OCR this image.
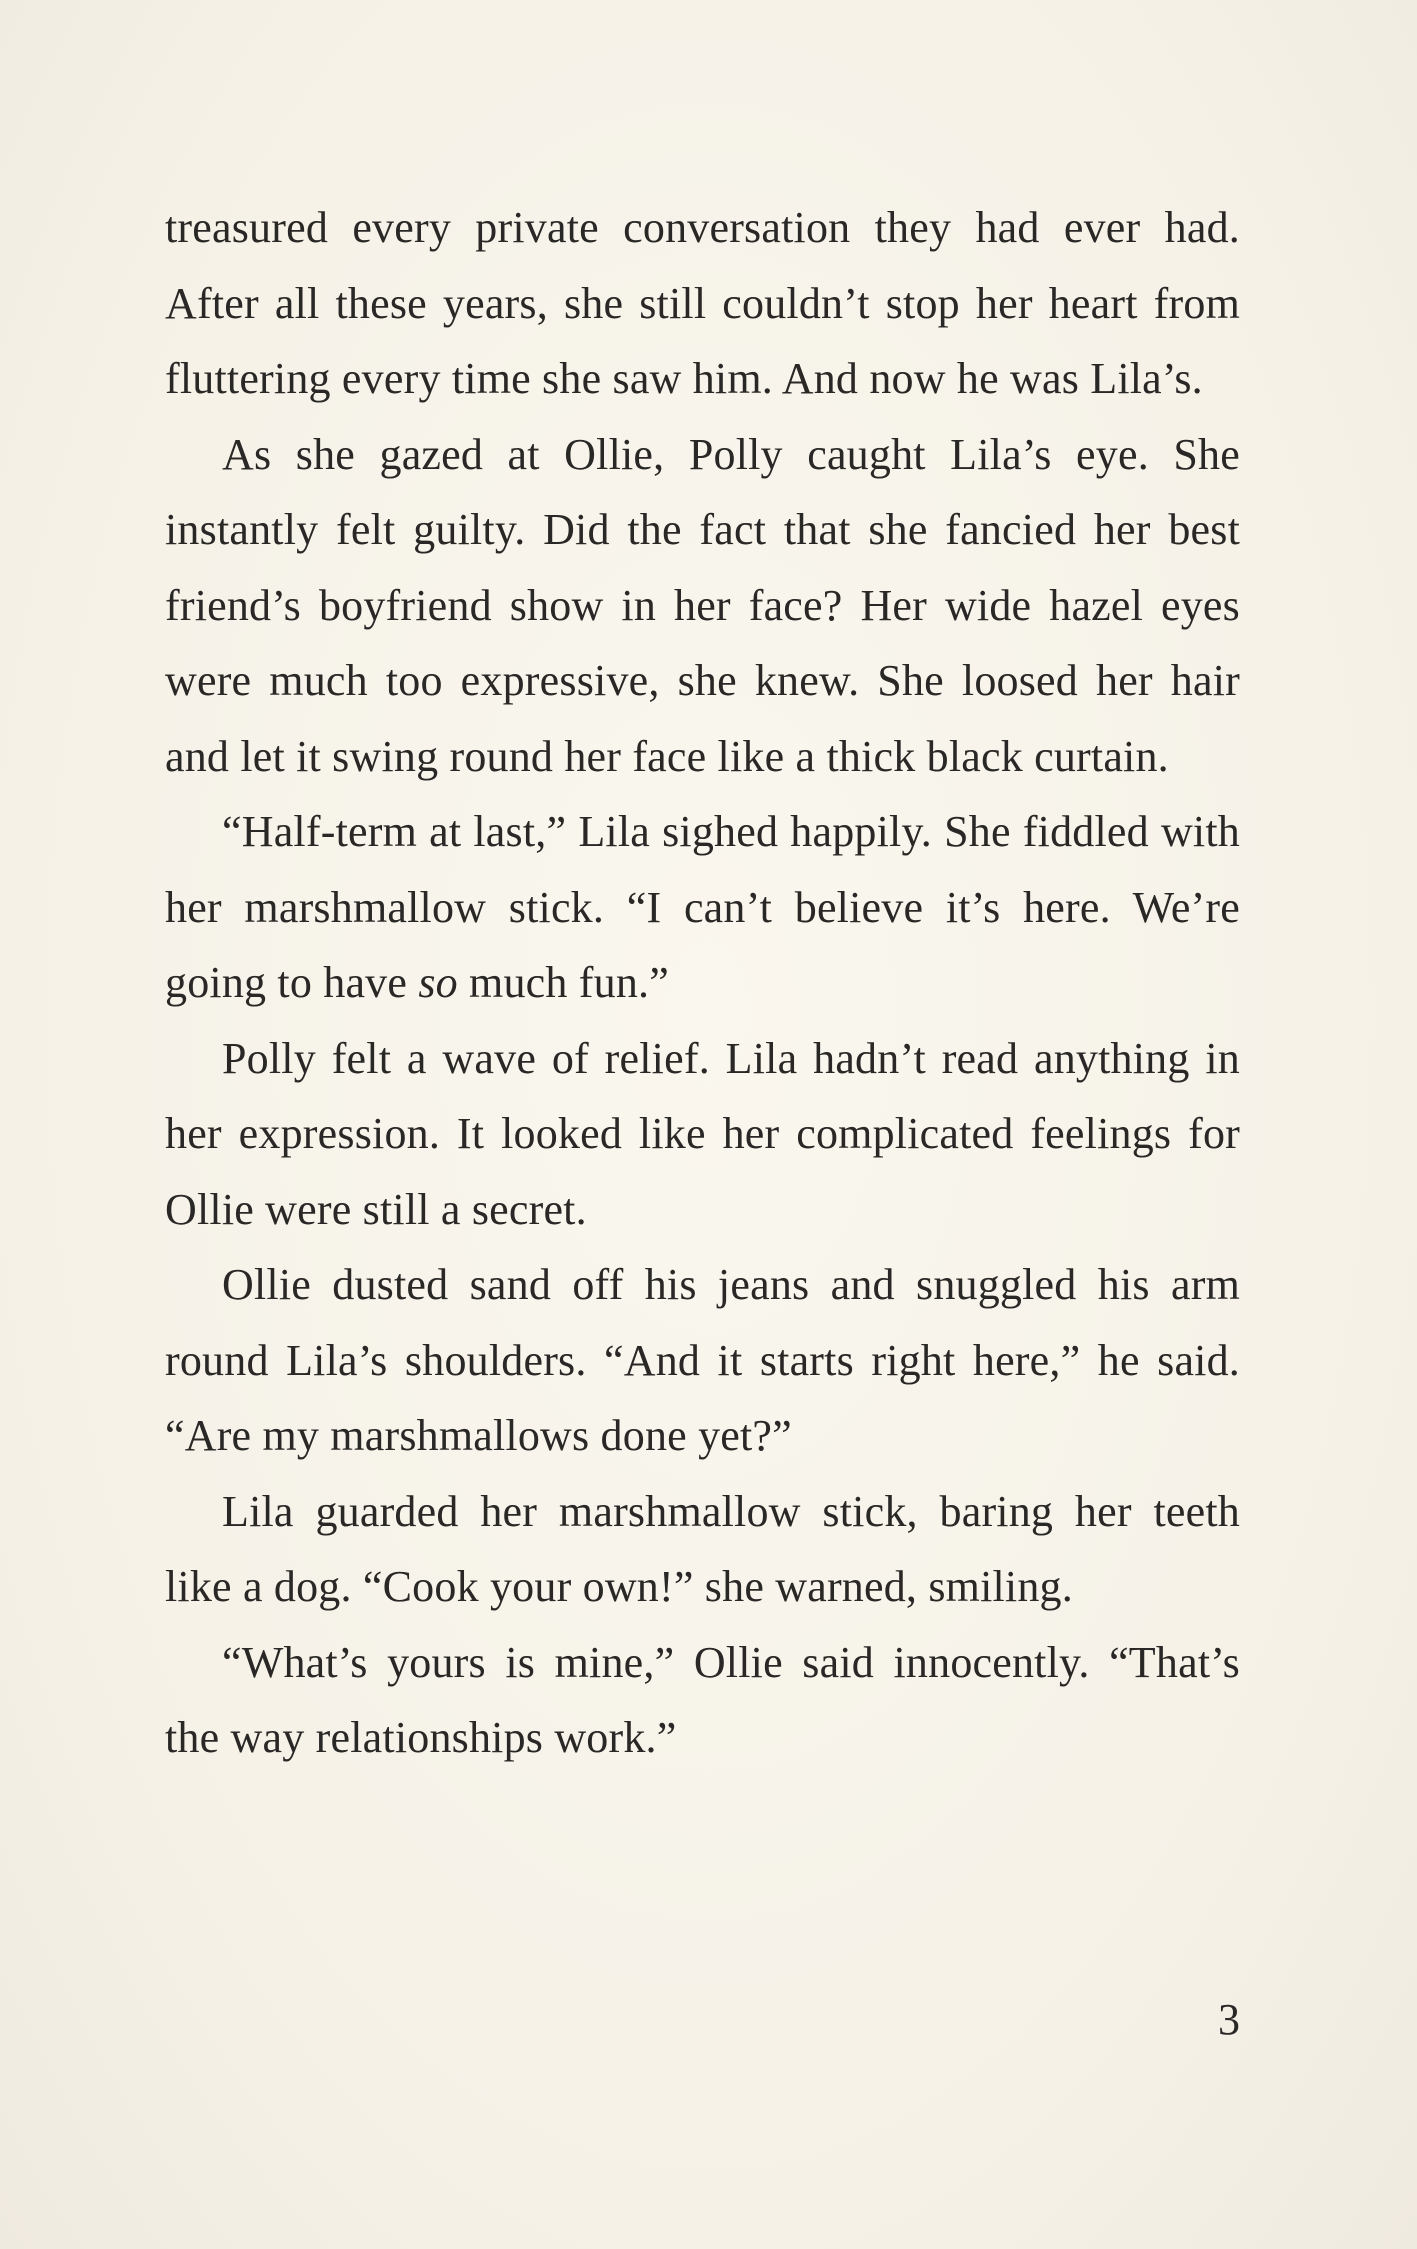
treasured every private conversation they had ever had. After all these years, she still couldn’t stop her heart from fluttering every time she saw him. And now he was Lila’s.

As she gazed at Ollie, Polly caught Lila’s eye. She instantly felt guilty. Did the fact that she fancied her best friend’s boyfriend show in her face? Her wide hazel eyes were much too expressive, she knew. She loosed her hair and let it swing round her face like a thick black curtain.

“Half-term at last,” Lila sighed happily. She fiddled with her marshmallow stick. “I can’t believe it’s here. We’re going to have so much fun.”

Polly felt a wave of relief. Lila hadn’t read anything in her expression. It looked like her complicated feelings for Ollie were still a secret.

Ollie dusted sand off his jeans and snuggled his arm round Lila’s shoulders. “And it starts right here,” he said. “Are my marshmallows done yet?”

Lila guarded her marshmallow stick, baring her teeth like a dog. “Cook your own!” she warned, smiling.

“What’s yours is mine,” Ollie said innocently. “That’s the way relationships work.”

3
